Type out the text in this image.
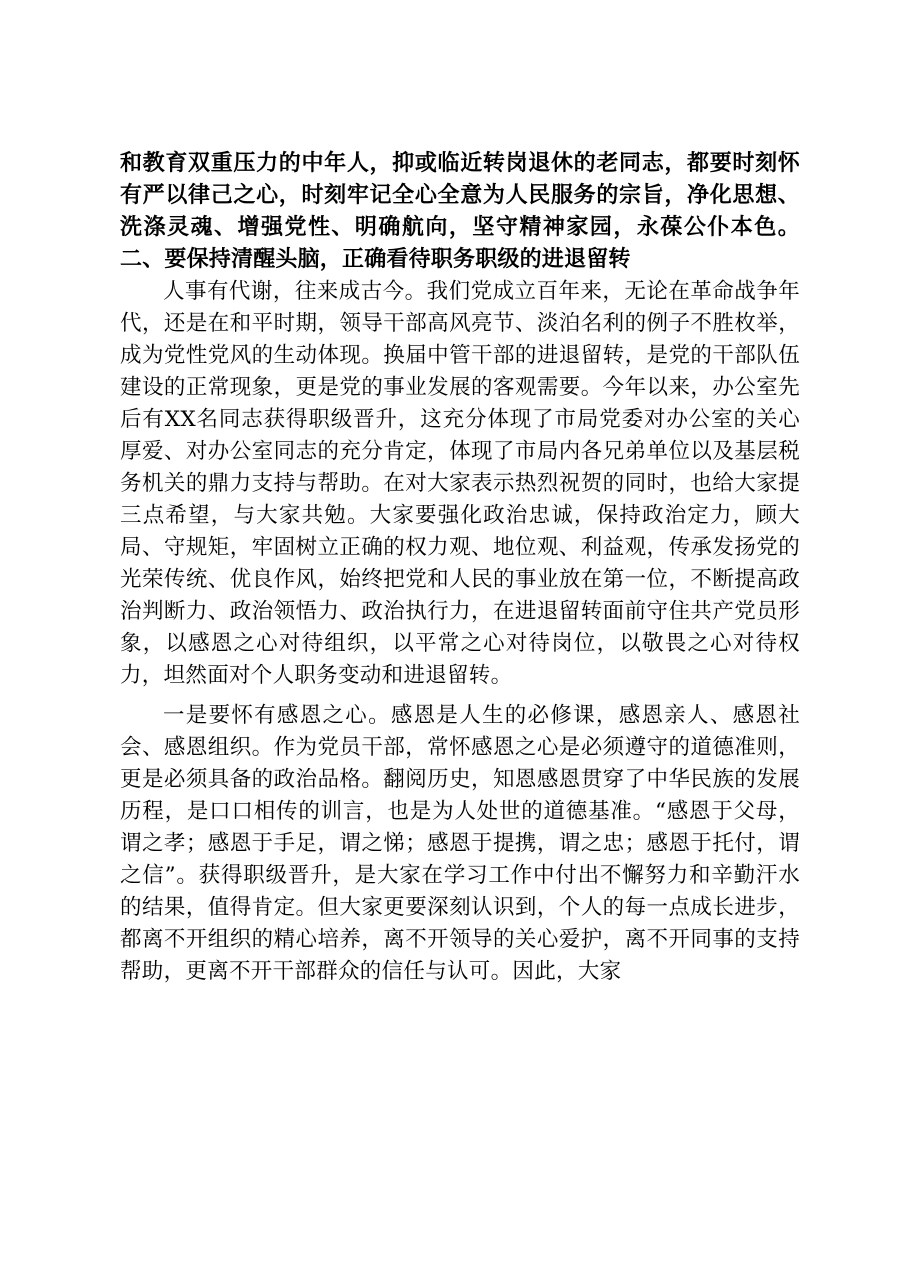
和教育双重压力的中年人，抑或临近转岗退休的老同志，都要时刻怀有严以律己之心，时刻牢记全心全意为人民服务的宗旨，净化思想、洗涤灵魂、增强党性、明确航向，坚守精神家园，永葆公仆本色。二、要保持清醒头脑，正确看待职务职级的进退留转

人事有代谢，往来成古今。我们党成立百年来，无论在革命战争年代，还是在和平时期，领导干部高风亮节、淡泊名利的例子不胜枚举，成为党性党风的生动体现。换届中管干部的进退留转，是党的干部队伍建设的正常现象，更是党的事业发展的客观需要。今年以来，办公室先后有XX名同志获得职级晋升，这充分体现了市局党委对办公室的关心厚爱、对办公室同志的充分肯定，体现了市局内各兄弟单位以及基层税务机关的鼎力支持与帮助。在对大家表示热烈祝贺的同时，也给大家提三点希望，与大家共勉。大家要强化政治忠诚，保持政治定力，顾大局、守规矩，牢固树立正确的权力观、地位观、利益观，传承发扬党的光荣传统、优良作风，始终把党和人民的事业放在第一位，不断提高政治判断力、政治领悟力、政治执行力，在进退留转面前守住共产党员形象，以感恩之心对待组织，以平常之心对待岗位，以敬畏之心对待权力，坦然面对个人职务变动和进退留转。

一是要怀有感恩之心。感恩是人生的必修课，感恩亲人、感恩社会、感恩组织。作为党员干部，常怀感恩之心是必须遵守的道德准则，更是必须具备的政治品格。翻阅历史，知恩感恩贯穿了中华民族的发展历程，是口口相传的训言，也是为人处世的道德基准。“感恩于父母，谓之孝；感恩于手足，谓之悌；感恩于提携，谓之忠；感恩于托付，谓之信”。获得职级晋升，是大家在学习工作中付出不懈努力和辛勤汗水的结果，值得肯定。但大家更要深刻认识到，个人的每一点成长进步，都离不开组织的精心培养，离不开领导的关心爱护，离不开同事的支持帮助，更离不开干部群众的信任与认可。因此，大家
